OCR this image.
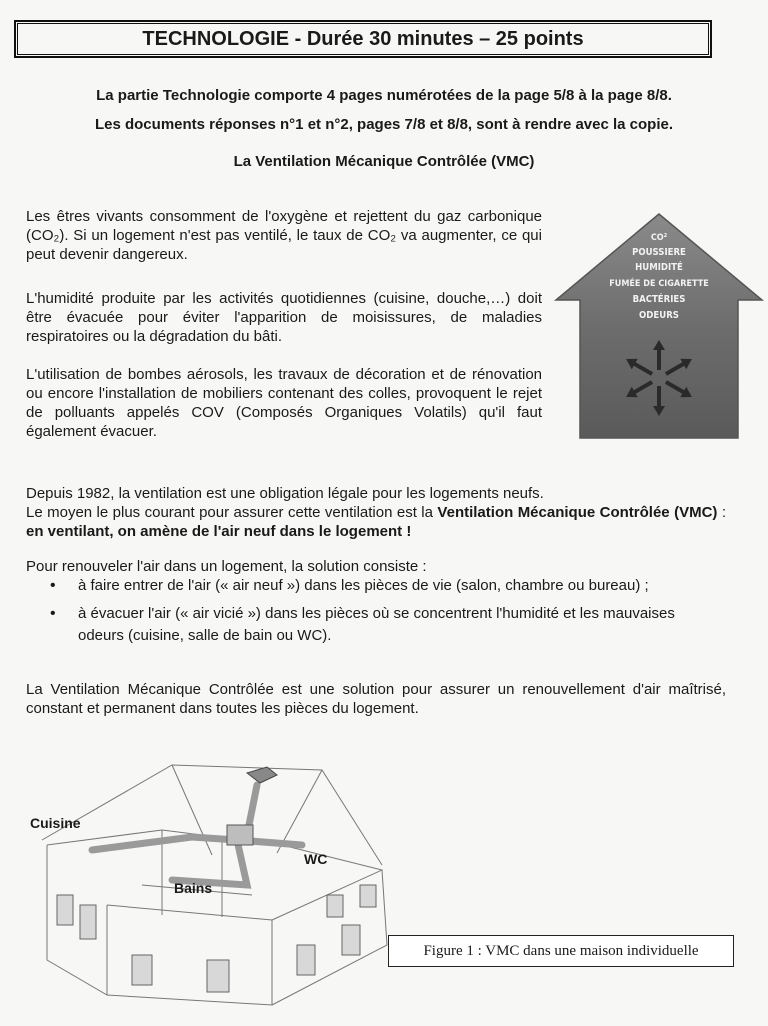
TECHNOLOGIE - Durée 30 minutes – 25 points
La partie Technologie comporte 4 pages numérotées de la page 5/8 à la page 8/8.
Les documents réponses n°1 et n°2, pages 7/8 et 8/8, sont à rendre avec la copie.
La Ventilation Mécanique Contrôlée (VMC)

Les êtres vivants consomment de l'oxygène et rejettent du gaz carbonique (CO₂). Si un logement n'est pas ventilé, le taux de CO₂ va augmenter, ce qui peut devenir dangereux.

L'humidité produite par les activités quotidiennes (cuisine, douche,…) doit être évacuée pour éviter l'apparition de moisissures, de maladies respiratoires ou la dégradation du bâti.

L'utilisation de bombes aérosols, les travaux de décoration et de rénovation ou encore l'installation de mobiliers contenant des colles, provoquent le rejet de polluants appelés COV (Composés Organiques Volatils) qu'il faut également évacuer.

CO²
POUSSIERE
HUMIDITÉ
FUMÉE DE CIGARETTE
BACTÉRIES
ODEURS

Depuis 1982, la ventilation est une obligation légale pour les logements neufs.

Le moyen le plus courant pour assurer cette ventilation est la Ventilation Mécanique Contrôlée (VMC) : en ventilant, on amène de l'air neuf dans le logement !

Pour renouveler l'air dans un logement, la solution consiste :

• à faire entrer de l'air (« air neuf ») dans les pièces de vie (salon, chambre ou bureau) ;
• à évacuer l'air (« air vicié ») dans les pièces où se concentrent l'humidité et les mauvaises odeurs (cuisine, salle de bain ou WC).

La Ventilation Mécanique Contrôlée est une solution pour assurer un renouvellement d'air maîtrisé, constant et permanent dans toutes les pièces du logement.

Cuisine
Bains
WC
Figure 1 : VMC dans une maison individuelle
